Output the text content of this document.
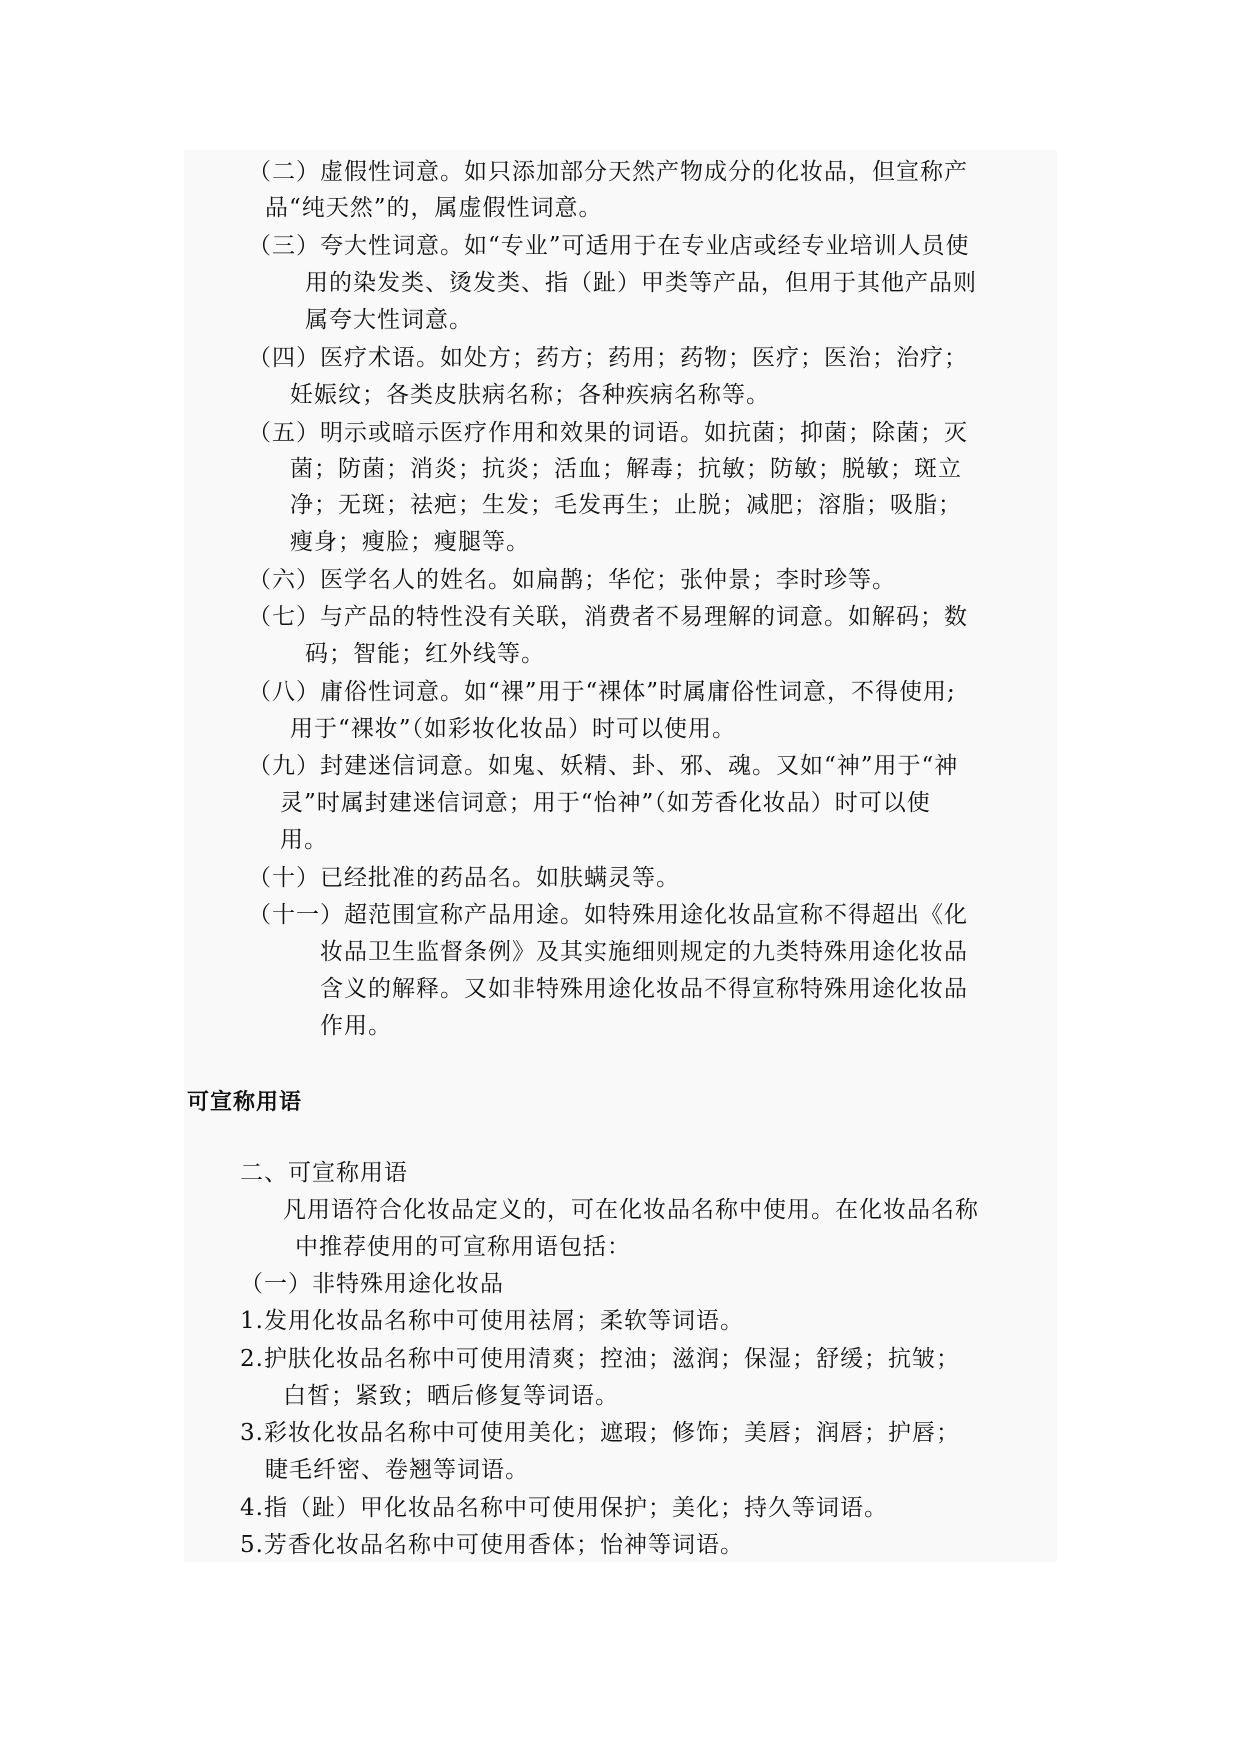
（二）虚假性词意。如只添加部分天然产物成分的化妆品，但宣称产
品“纯天然”的，属虚假性词意。
（三）夸大性词意。如“专业”可适用于在专业店或经专业培训人员使
用的染发类、烫发类、指（趾）甲类等产品，但用于其他产品则
属夸大性词意。
（四）医疗术语。如处方；药方；药用；药物；医疗；医治；治疗；
妊娠纹；各类皮肤病名称；各种疾病名称等。
（五）明示或暗示医疗作用和效果的词语。如抗菌；抑菌；除菌；灭
菌；防菌；消炎；抗炎；活血；解毒；抗敏；防敏；脱敏；斑立
净；无斑；祛疤；生发；毛发再生；止脱；减肥；溶脂；吸脂；
瘦身；瘦脸；瘦腿等。
（六）医学名人的姓名。如扁鹊；华佗；张仲景；李时珍等。
（七）与产品的特性没有关联，消费者不易理解的词意。如解码；数
码；智能；红外线等。
（八）庸俗性词意。如“裸”用于“裸体”时属庸俗性词意，不得使用;
用于“裸妆”（如彩妆化妆品）时可以使用。
（九）封建迷信词意。如鬼、妖精、卦、邪、魂。又如“神”用于“神
灵”时属封建迷信词意；用于“怡神”（如芳香化妆品）时可以使
用。
（十）已经批准的药品名。如肤螨灵等。
（十一）超范围宣称产品用途。如特殊用途化妆品宣称不得超出《化
妆品卫生监督条例》及其实施细则规定的九类特殊用途化妆品
含义的解释。又如非特殊用途化妆品不得宣称特殊用途化妆品
作用。
可宣称用语
二、可宣称用语
凡用语符合化妆品定义的，可在化妆品名称中使用。在化妆品名称
中推荐使用的可宣称用语包括：
（一）非特殊用途化妆品
1.发用化妆品名称中可使用祛屑；柔软等词语。
2.护肤化妆品名称中可使用清爽；控油；滋润；保湿；舒缓；抗皱；
白皙；紧致；晒后修复等词语。
3.彩妆化妆品名称中可使用美化；遮瑕；修饰；美唇；润唇；护唇；
睫毛纤密、卷翘等词语。
4.指（趾）甲化妆品名称中可使用保护；美化；持久等词语。
5.芳香化妆品名称中可使用香体；怡神等词语。
